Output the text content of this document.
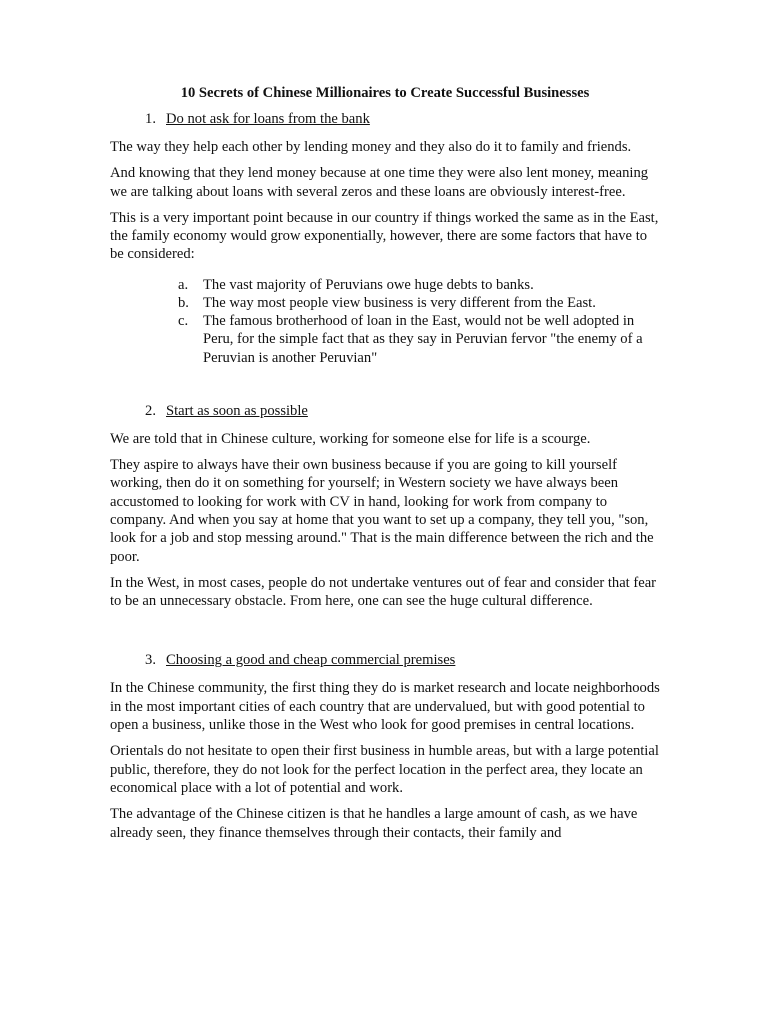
10 Secrets of Chinese Millionaires to Create Successful Businesses
1. Do not ask for loans from the bank

The way they help each other by lending money and they also do it to family and friends.

And knowing that they lend money because at one time they were also lent money, meaning we are talking about loans with several zeros and these loans are obviously interest-free.

This is a very important point because in our country if things worked the same as in the East, the family economy would grow exponentially, however, there are some factors that have to be considered:

a.	The vast majority of Peruvians owe huge debts to banks.
b. The way most people view business is very different from the East.
c.	The famous brotherhood of loan in the East, would not be well adopted in Peru, for the simple fact that as they say in Peruvian fervor "the enemy of a Peruvian is another Peruvian"
2. Start as soon as possible

We are told that in Chinese culture, working for someone else for life is a scourge.

They aspire to always have their own business because if you are going to kill yourself working, then do it on something for yourself; in Western society we have always been accustomed to looking for work with CV in hand, looking for work from company to company. And when you say at home that you want to set up a company, they tell you, "son, look for a job and stop messing around." That is the main difference between the rich and the poor.

In the West, in most cases, people do not undertake ventures out of fear and consider that fear to be an unnecessary obstacle. From here, one can see the huge cultural difference.

3. Choosing a good and cheap commercial premises

In the Chinese community, the first thing they do is market research and locate neighborhoods in the most important cities of each country that are undervalued, but with good potential to open a business, unlike those in the West who look for good premises in central locations.

Orientals do not hesitate to open their first business in humble areas, but with a large potential public, therefore, they do not look for the perfect location in the perfect area, they locate an economical place with a lot of potential and work.

The advantage of the Chinese citizen is that he handles a large amount of cash, as we have already seen, they finance themselves through their contacts, their family and
